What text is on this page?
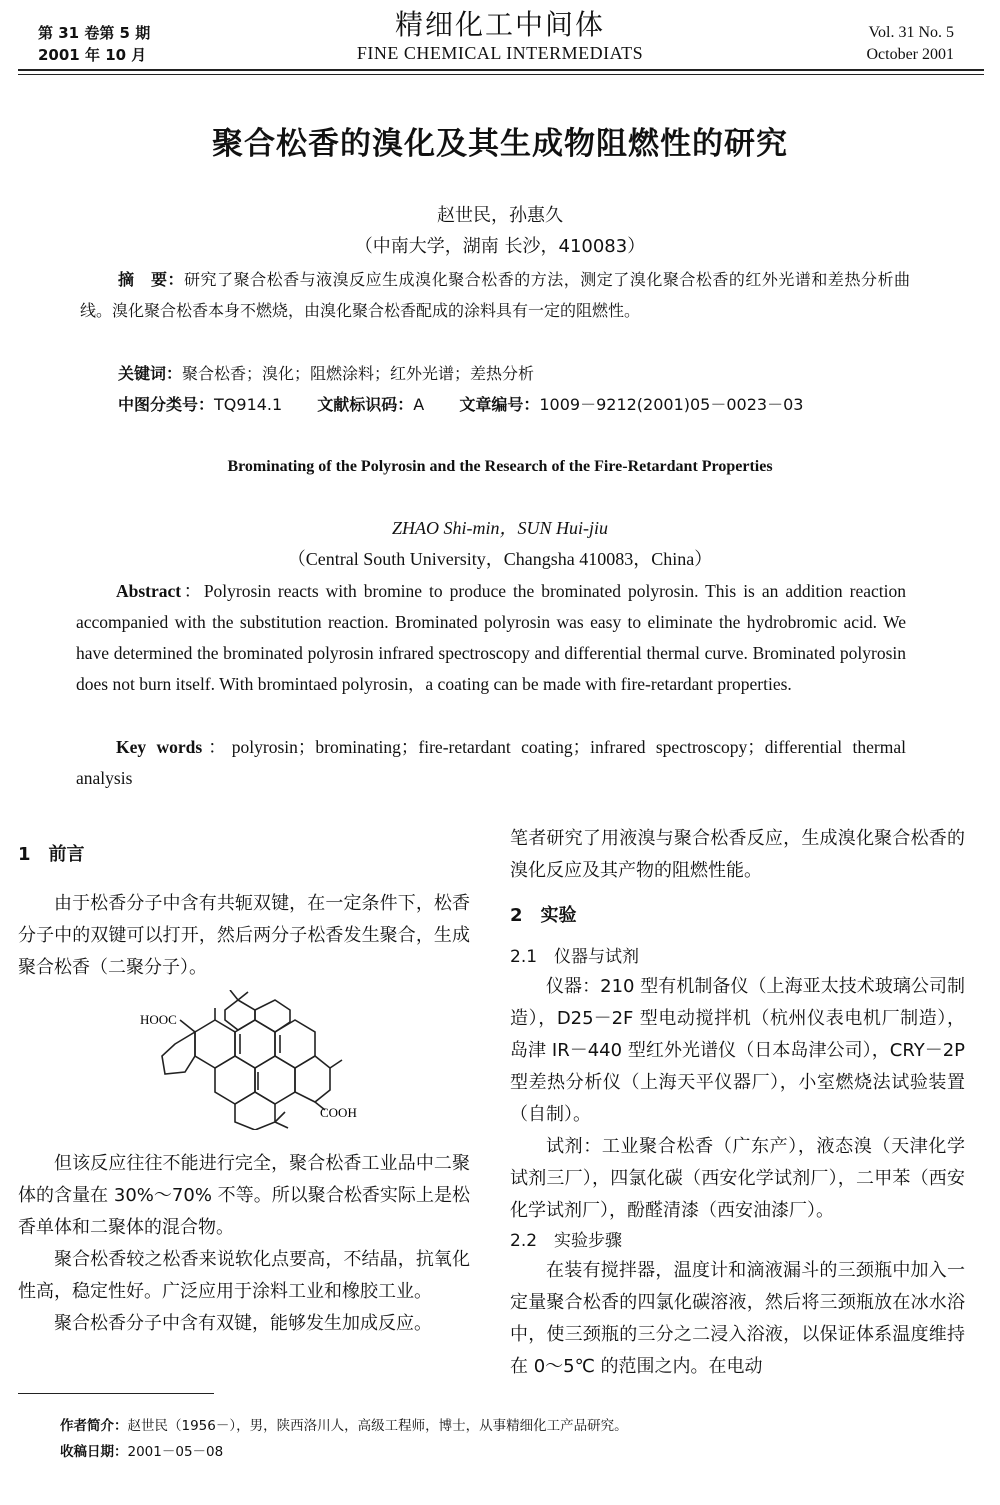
第 31 卷第 5 期
2001 年 10 月
精细化工中间体
FINE CHEMICAL INTERMEDIATS
Vol. 31 No. 5
October 2001
聚合松香的溴化及其生成物阻燃性的研究
赵世民，孙惠久
（中南大学，湖南 长沙，410083）
摘　要：研究了聚合松香与液溴反应生成溴化聚合松香的方法，测定了溴化聚合松香的红外光谱和差热分析曲线。溴化聚合松香本身不燃烧，由溴化聚合松香配成的涂料具有一定的阻燃性。
关键词：聚合松香；溴化；阻燃涂料；红外光谱；差热分析
中图分类号：TQ914.1 文献标识码：A 文章编号：1009－9212(2001)05－0023－03
Brominating of the Polyrosin and the Research of the Fire-Retardant Properties
ZHAO Shi-min，SUN Hui-jiu
（Central South University，Changsha 410083，China）
Abstract：Polyrosin reacts with bromine to produce the brominated polyrosin. This is an addition reaction accompanied with the substitution reaction. Brominated polyrosin was easy to eliminate the hydrobromic acid. We have determined the brominated polyrosin infrared spectroscopy and differential thermal curve. Brominated polyrosin does not burn itself. With bromintaed polyrosin，a coating can be made with fire-retardant properties.
Key words：polyrosin；brominating；fire-retardant coating；infrared spectroscopy；differential thermal analysis
1　前言

由于松香分子中含有共轭双键，在一定条件下，松香分子中的双键可以打开，然后两分子松香发生聚合，生成聚合松香（二聚分子）。

HOOC
COOH

但该反应往往不能进行完全，聚合松香工业品中二聚体的含量在 30%～70% 不等。所以聚合松香实际上是松香单体和二聚体的混合物。

聚合松香较之松香来说软化点要高，不结晶，抗氧化性高，稳定性好。广泛应用于涂料工业和橡胶工业。

聚合松香分子中含有双键，能够发生加成反应。

笔者研究了用液溴与聚合松香反应，生成溴化聚合松香的溴化反应及其产物的阻燃性能。

2　实验
2.1　仪器与试剂

仪器：210 型有机制备仪（上海亚太技术玻璃公司制造），D25－2F 型电动搅拌机（杭州仪表电机厂制造），岛津 IR－440 型红外光谱仪（日本岛津公司），CRY－2P 型差热分析仪（上海天平仪器厂），小室燃烧法试验装置（自制）。

试剂：工业聚合松香（广东产），液态溴（天津化学试剂三厂），四氯化碳（西安化学试剂厂），二甲苯（西安化学试剂厂），酚醛清漆（西安油漆厂）。

2.2　实验步骤

在装有搅拌器，温度计和滴液漏斗的三颈瓶中加入一定量聚合松香的四氯化碳溶液，然后将三颈瓶放在冰水浴中，使三颈瓶的三分之二浸入浴液，以保证体系温度维持在 0～5℃ 的范围之内。在电动

作者简介：赵世民（1956－），男，陕西洛川人，高级工程师，博士，从事精细化工产品研究。
收稿日期：2001－05－08
